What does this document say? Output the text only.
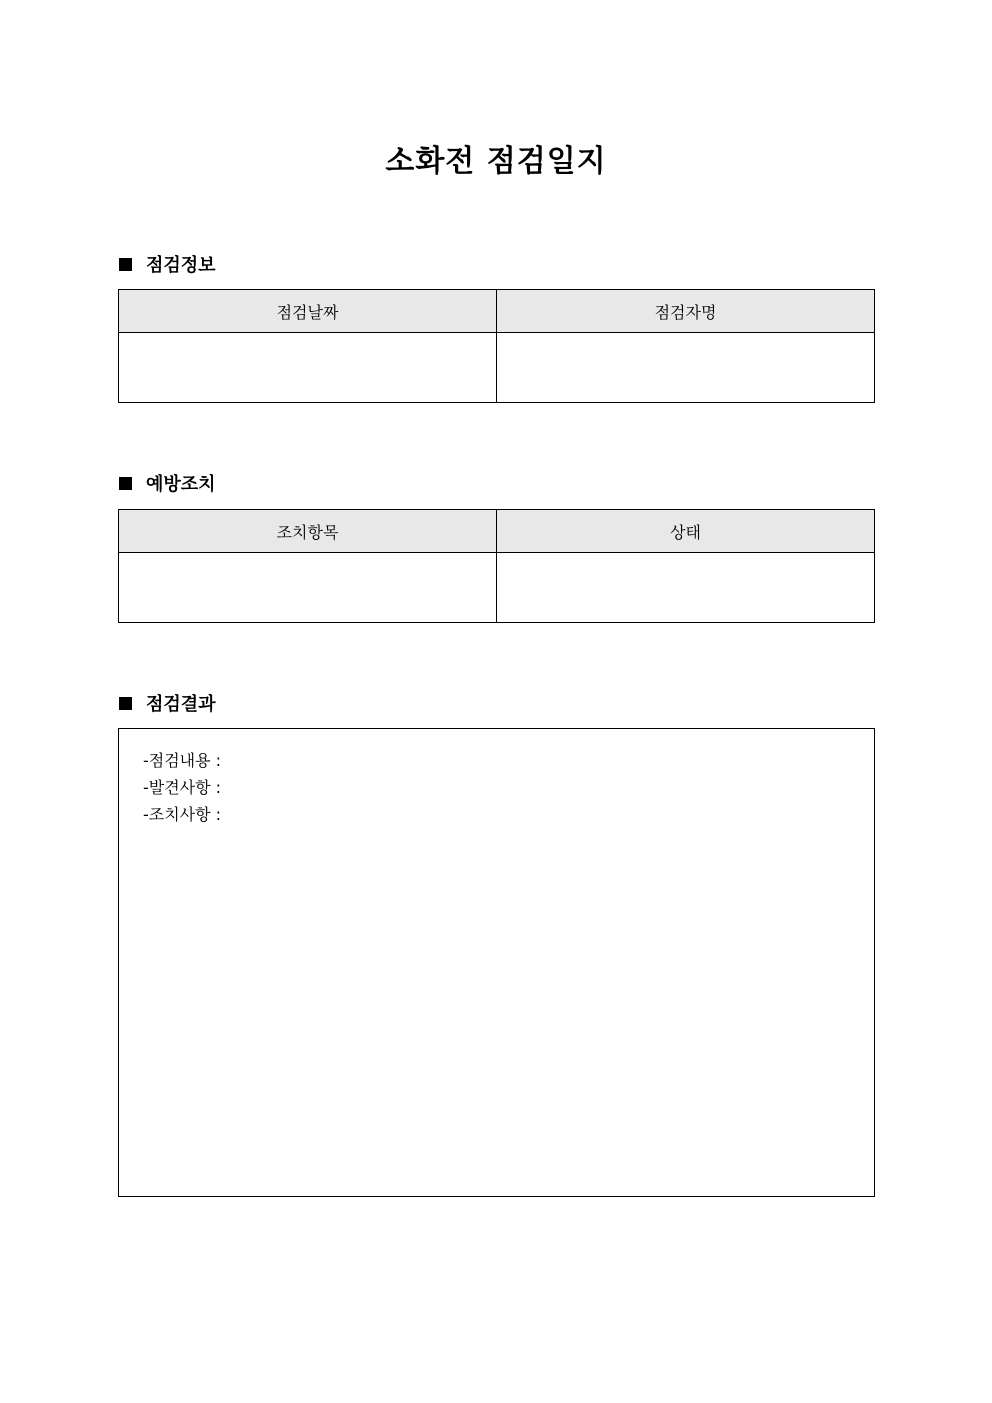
소화전 점검일지
점검정보
점검날짜	점검자명

예방조치
조치항목	상태

점검결과
-점검내용 :
-발견사항 :
-조치사항 :
